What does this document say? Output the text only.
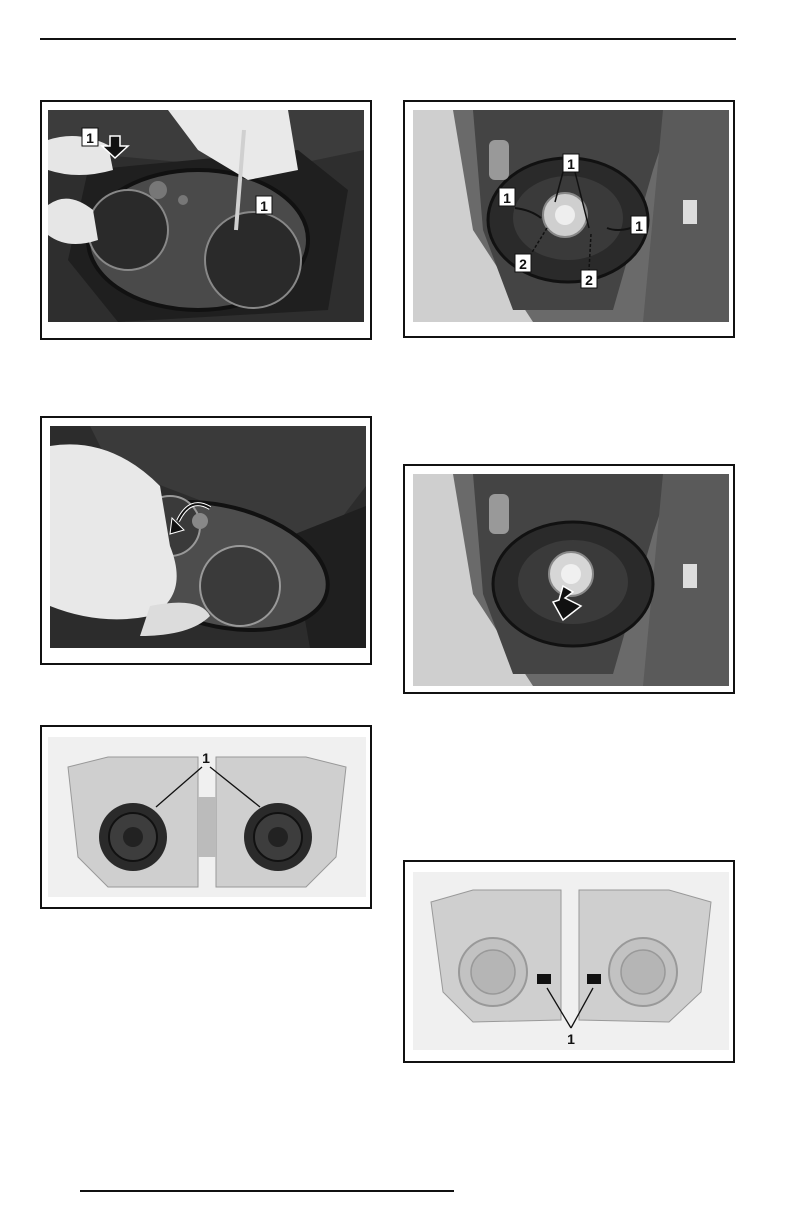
1
1
1
1
1
2
2
1
1
